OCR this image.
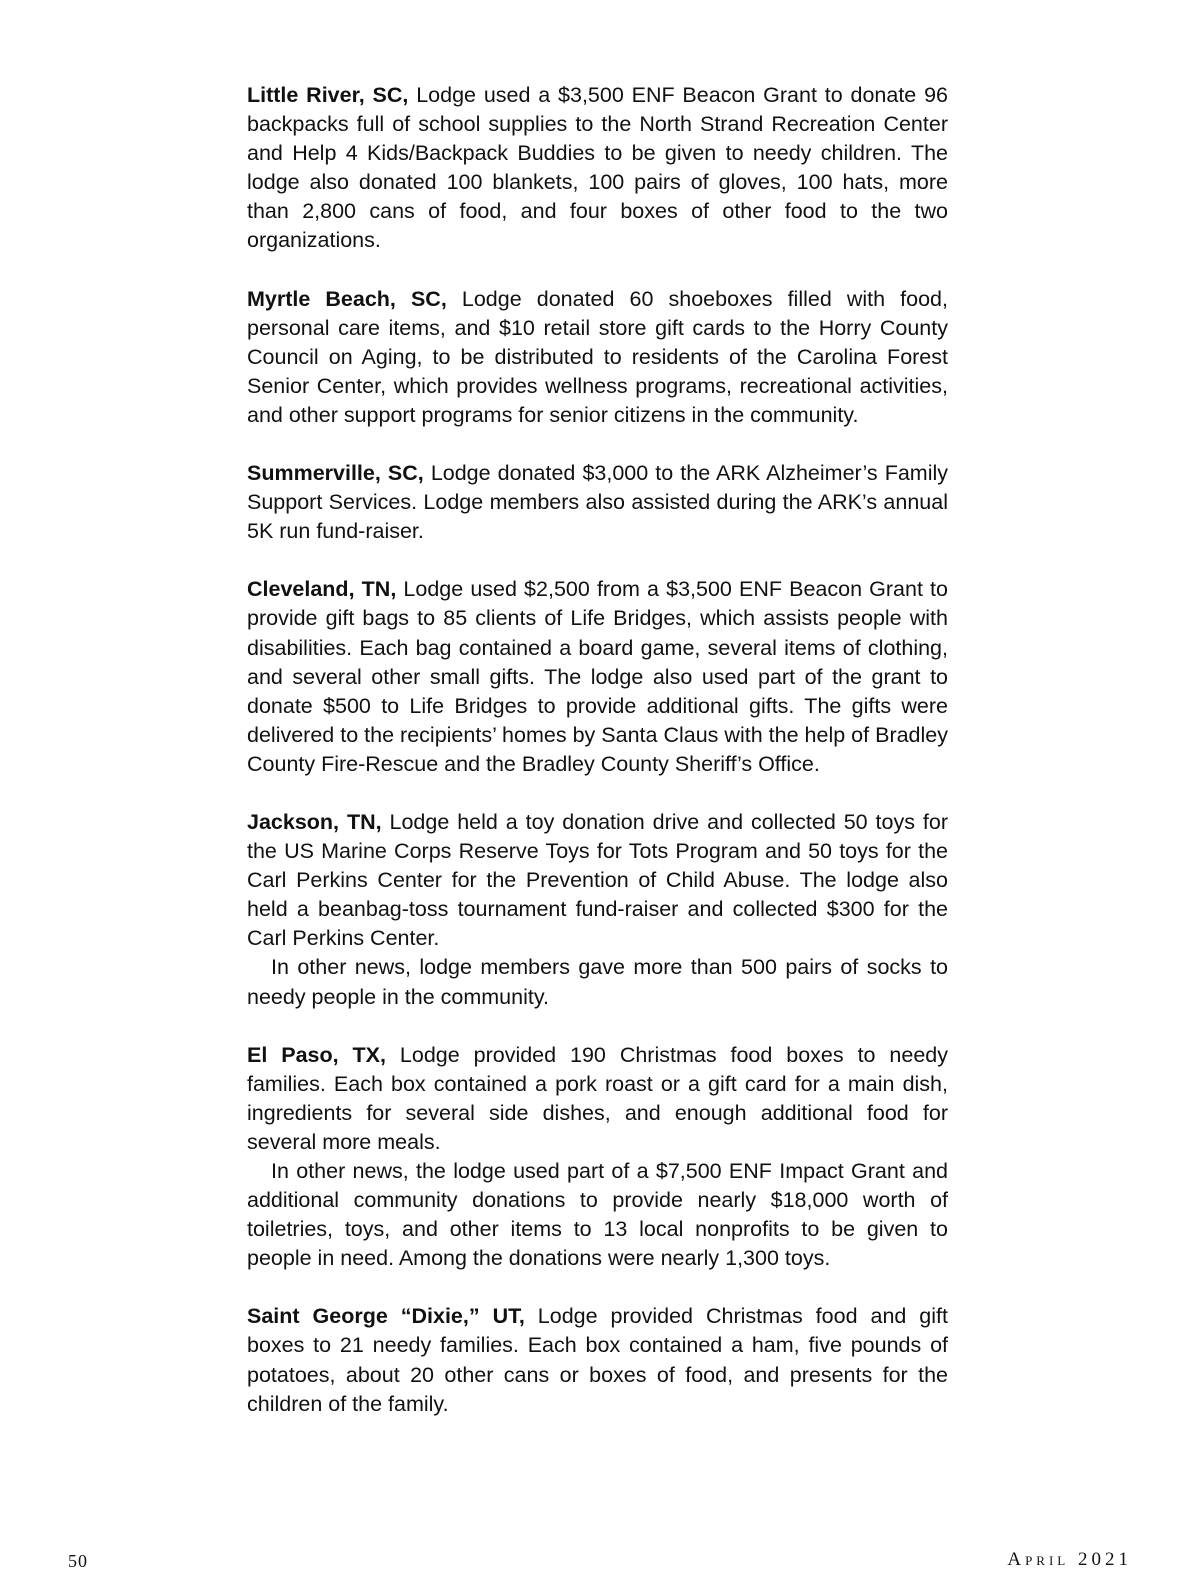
Little River, SC, Lodge used a $3,500 ENF Beacon Grant to donate 96 backpacks full of school supplies to the North Strand Recreation Center and Help 4 Kids/Backpack Buddies to be given to needy children. The lodge also donated 100 blankets, 100 pairs of gloves, 100 hats, more than 2,800 cans of food, and four boxes of other food to the two organizations.

Myrtle Beach, SC, Lodge donated 60 shoeboxes filled with food, personal care items, and $10 retail store gift cards to the Horry County Council on Aging, to be distributed to residents of the Carolina Forest Senior Center, which provides wellness programs, recreational activities, and other support programs for senior citizens in the community.

Summerville, SC, Lodge donated $3,000 to the ARK Alzheimer’s Family Support Services. Lodge members also assisted during the ARK’s annual 5K run fund-raiser.

Cleveland, TN, Lodge used $2,500 from a $3,500 ENF Beacon Grant to provide gift bags to 85 clients of Life Bridges, which assists people with disabilities. Each bag contained a board game, several items of clothing, and several other small gifts. The lodge also used part of the grant to donate $500 to Life Bridges to provide additional gifts. The gifts were delivered to the recipients’ homes by Santa Claus with the help of Bradley County Fire-Rescue and the Bradley County Sheriff’s Office.

Jackson, TN, Lodge held a toy donation drive and collected 50 toys for the US Marine Corps Reserve Toys for Tots Program and 50 toys for the Carl Perkins Center for the Prevention of Child Abuse. The lodge also held a beanbag-toss tournament fund-raiser and collected $300 for the Carl Perkins Center.

In other news, lodge members gave more than 500 pairs of socks to needy people in the community.

El Paso, TX, Lodge provided 190 Christmas food boxes to needy families. Each box contained a pork roast or a gift card for a main dish, ingredients for several side dishes, and enough additional food for several more meals.

In other news, the lodge used part of a $7,500 ENF Impact Grant and additional community donations to provide nearly $18,000 worth of toiletries, toys, and other items to 13 local nonprofits to be given to people in need. Among the donations were nearly 1,300 toys.

Saint George “Dixie,” UT, Lodge provided Christmas food and gift boxes to 21 needy families. Each box contained a ham, five pounds of potatoes, about 20 other cans or boxes of food, and presents for the children of the family.

50	April 2021
